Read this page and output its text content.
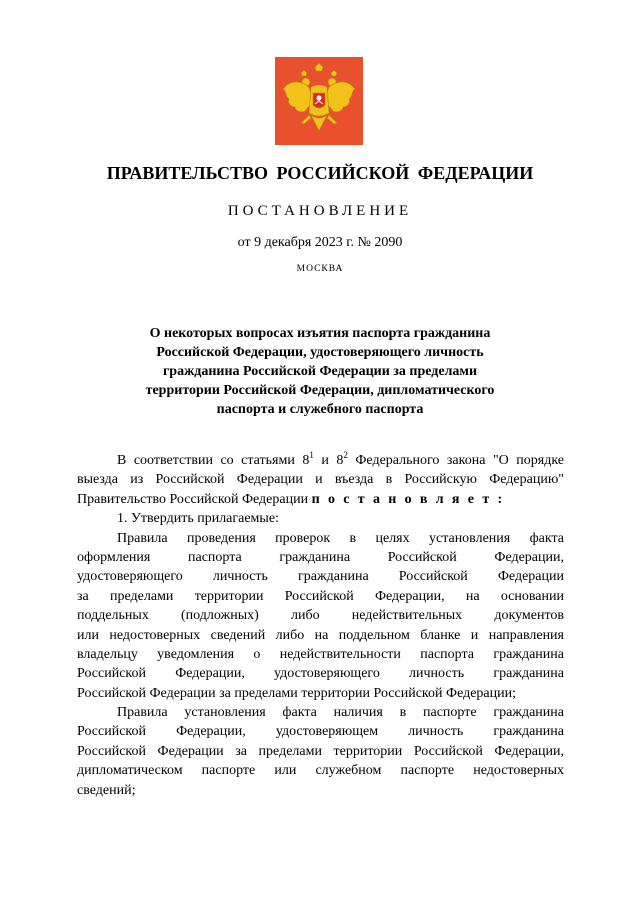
ПРАВИТЕЛЬСТВО РОССИЙСКОЙ ФЕДЕРАЦИИ
ПОСТАНОВЛЕНИЕ
от 9 декабря 2023 г. № 2090
МОСКВА
О некоторых вопросах изъятия паспорта гражданина
Российской Федерации, удостоверяющего личность
гражданина Российской Федерации за пределами
территории Российской Федерации, дипломатического
паспорта и служебного паспорта
В соответствии со статьями $8^1$ и $8^2$ Федерального закона "О порядке
выезда из Российской Федерации и въезда в Российскую Федерацию"
Правительство Российской Федерации п о с т а н о в л я е т :
1. Утвердить прилагаемые:
Правила проведения проверок в целях установления факта
оформления паспорта гражданина Российской Федерации,
удостоверяющего личность гражданина Российской Федерации
за пределами территории Российской Федерации, на основании
поддельных (подложных) либо недействительных документов
или недостоверных сведений либо на поддельном бланке и направления
владельцу уведомления о недействительности паспорта гражданина
Российской Федерации, удостоверяющего личность гражданина
Российской Федерации за пределами территории Российской Федерации;
Правила установления факта наличия в паспорте гражданина
Российской Федерации, удостоверяющем личность гражданина
Российской Федерации за пределами территории Российской Федерации,
дипломатическом паспорте или служебном паспорте недостоверных
сведений;
